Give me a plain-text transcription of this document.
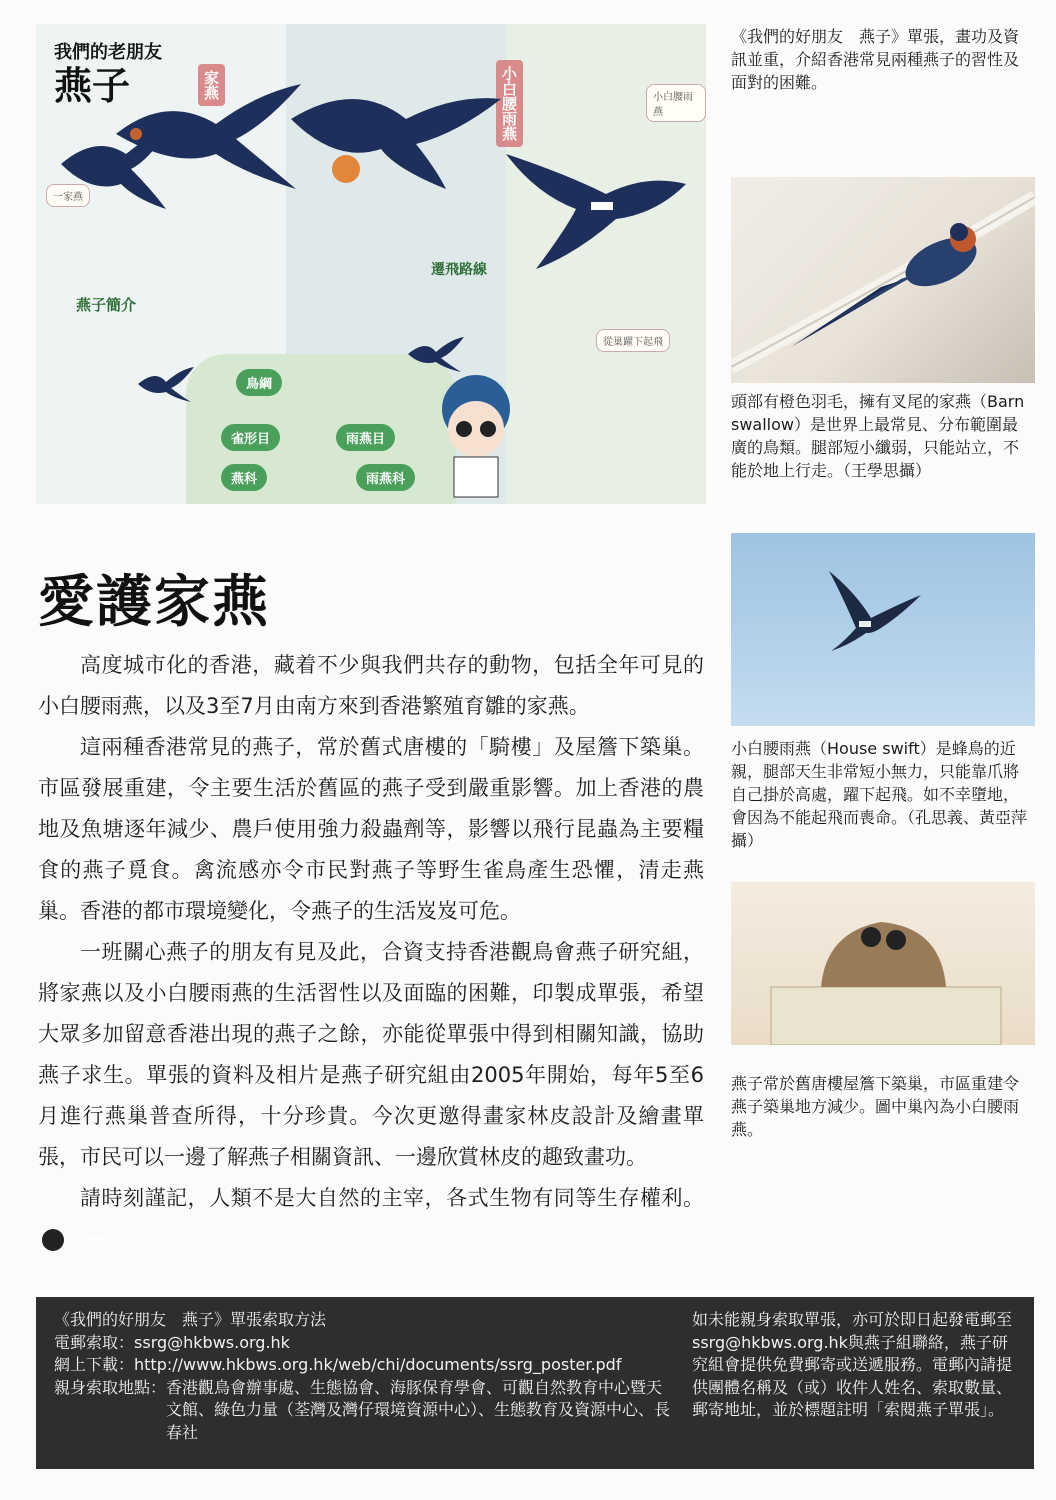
我們的老朋友
燕子	家燕	小白腰雨燕
燕子簡介
遷飛路線
鳥綱
雀形目	雨燕目
燕科	雨燕科
一家燕
小白腰雨燕
從巢躍下起飛
《我們的好朋友　燕子》單張，畫功及資訊並重，介紹香港常見兩種燕子的習性及面對的困難。
頭部有橙色羽毛，擁有叉尾的家燕（Barn swallow）是世界上最常見、分布範圍最廣的鳥類。腿部短小纖弱，只能站立，不能於地上行走。（王學思攝）
小白腰雨燕（House swift）是蜂鳥的近親，腿部天生非常短小無力，只能靠爪將自己掛於高處，躍下起飛。如不幸墮地，會因為不能起飛而喪命。（孔思義、黃亞萍攝）
燕子常於舊唐樓屋簷下築巢，市區重建令燕子築巢地方減少。圖中巢內為小白腰雨燕。
愛護家燕

高度城市化的香港，藏着不少與我們共存的動物，包括全年可見的小白腰雨燕，以及3至7月由南方來到香港繁殖育雛的家燕。

這兩種香港常見的燕子，常於舊式唐樓的「騎樓」及屋簷下築巢。市區發展重建，令主要生活於舊區的燕子受到嚴重影響。加上香港的農地及魚塘逐年減少、農戶使用強力殺蟲劑等，影響以飛行昆蟲為主要糧食的燕子覓食。禽流感亦令市民對燕子等野生雀鳥產生恐懼，清走燕巢。香港的都市環境變化，令燕子的生活岌岌可危。

一班關心燕子的朋友有見及此，合資支持香港觀鳥會燕子研究組，將家燕以及小白腰雨燕的生活習性以及面臨的困難，印製成單張，希望大眾多加留意香港出現的燕子之餘，亦能從單張中得到相關知識，協助燕子求生。單張的資料及相片是燕子研究組由2005年開始，每年5至6月進行燕巢普查所得，十分珍貴。今次更邀得畫家林皮設計及繪畫單張，市民可以一邊了解燕子相關資訊、一邊欣賞林皮的趣致畫功。

請時刻謹記，人類不是大自然的主宰，各式生物有同等生存權利。TVB

《我們的好朋友　燕子》單張索取方法
電郵索取： ssrg@hkbws.org.hk
網上下載： http://www.hkbws.org.hk/web/chi/documents/ssrg_poster.pdf
親身索取地點： 香港觀鳥會辦事處、生態協會、海豚保育學會、可觀自然教育中心暨天文館、綠色力量（荃灣及灣仔環境資源中心）、生態教育及資源中心、長春社
如未能親身索取單張，亦可於即日起發電郵至ssrg@hkbws.org.hk與燕子組聯絡，燕子研究組會提供免費郵寄或送遞服務。電郵內請提供團體名稱及（或）收件人姓名、索取數量、郵寄地址，並於標題註明「索閱燕子單張」。
